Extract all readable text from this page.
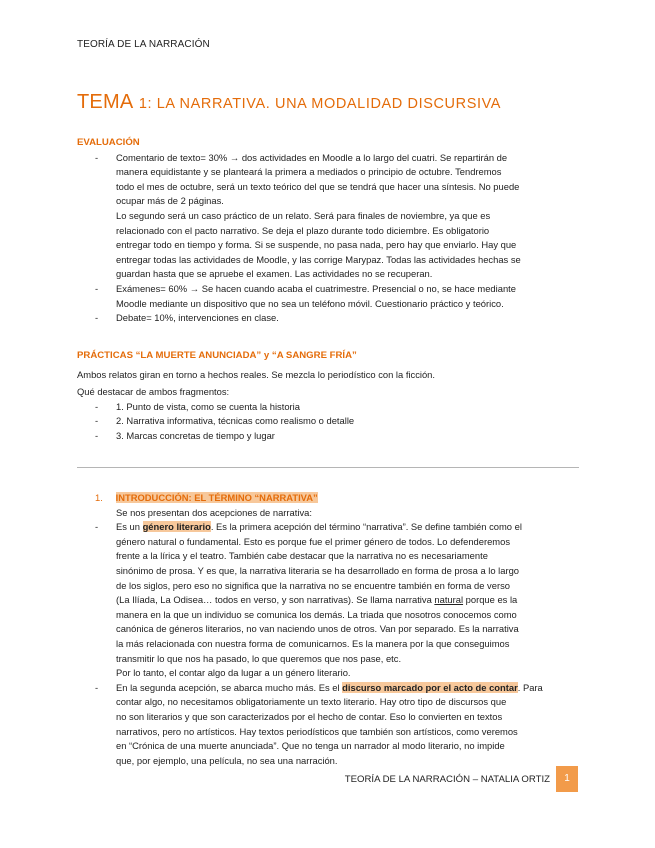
TEORÍA DE LA NARRACIÓN
TEMA 1: LA NARRATIVA. UNA MODALIDAD DISCURSIVA
EVALUACIÓN
- Comentario de texto= 30% → dos actividades en Moodle a lo largo del cuatri. Se repartirán de
manera equidistante y se planteará la primera a mediados o principio de octubre. Tendremos
todo el mes de octubre, será un texto teórico del que se tendrá que hacer una síntesis. No puede
ocupar más de 2 páginas.
Lo segundo será un caso práctico de un relato. Será para finales de noviembre, ya que es
relacionado con el pacto narrativo. Se deja el plazo durante todo diciembre. Es obligatorio
entregar todo en tiempo y forma. Si se suspende, no pasa nada, pero hay que enviarlo. Hay que
entregar todas las actividades de Moodle, y las corrige Marypaz. Todas las actividades hechas se
guardan hasta que se apruebe el examen. Las actividades no se recuperan.
- Exámenes= 60% → Se hacen cuando acaba el cuatrimestre. Presencial o no, se hace mediante
Moodle mediante un dispositivo que no sea un teléfono móvil. Cuestionario práctico y teórico.
- Debate= 10%, intervenciones en clase.
PRÁCTICAS “LA MUERTE ANUNCIADA” y “A SANGRE FRÍA”

Ambos relatos giran en torno a hechos reales. Se mezcla lo periodístico con la ficción.

Qué destacar de ambos fragmentos:

- 1. Punto de vista, como se cuenta la historia
- 2. Narrativa informativa, técnicas como realismo o detalle
- 3. Marcas concretas de tiempo y lugar
1. INTRODUCCIÓN: EL TÉRMINO “NARRATIVA”
Se nos presentan dos acepciones de narrativa:
- Es un género literario. Es la primera acepción del término “narrativa”. Se define también como el
género natural o fundamental. Esto es porque fue el primer género de todos. Lo defenderemos
frente a la lírica y el teatro. También cabe destacar que la narrativa no es necesariamente
sinónimo de prosa. Y es que, la narrativa literaria se ha desarrollado en forma de prosa a lo largo
de los siglos, pero eso no significa que la narrativa no se encuentre también en forma de verso
(La Ilíada, La Odisea… todos en verso, y son narrativas). Se llama narrativa natural porque es la
manera en la que un individuo se comunica los demás. La triada que nosotros conocemos como
canónica de géneros literarios, no van naciendo unos de otros. Van por separado. Es la narrativa
la más relacionada con nuestra forma de comunicarnos. Es la manera por la que conseguimos
transmitir lo que nos ha pasado, lo que queremos que nos pase, etc.
Por lo tanto, el contar algo da lugar a un género literario.
- En la segunda acepción, se abarca mucho más. Es el discurso marcado por el acto de contar. Para
contar algo, no necesitamos obligatoriamente un texto literario. Hay otro tipo de discursos que
no son literarios y que son caracterizados por el hecho de contar. Eso lo convierten en textos
narrativos, pero no artísticos. Hay textos periodísticos que también son artísticos, como veremos
en “Crónica de una muerte anunciada”. Que no tenga un narrador al modo literario, no impide
que, por ejemplo, una película, no sea una narración.
TEORÍA DE LA NARRACIÓN – NATALIA ORTIZ	1
